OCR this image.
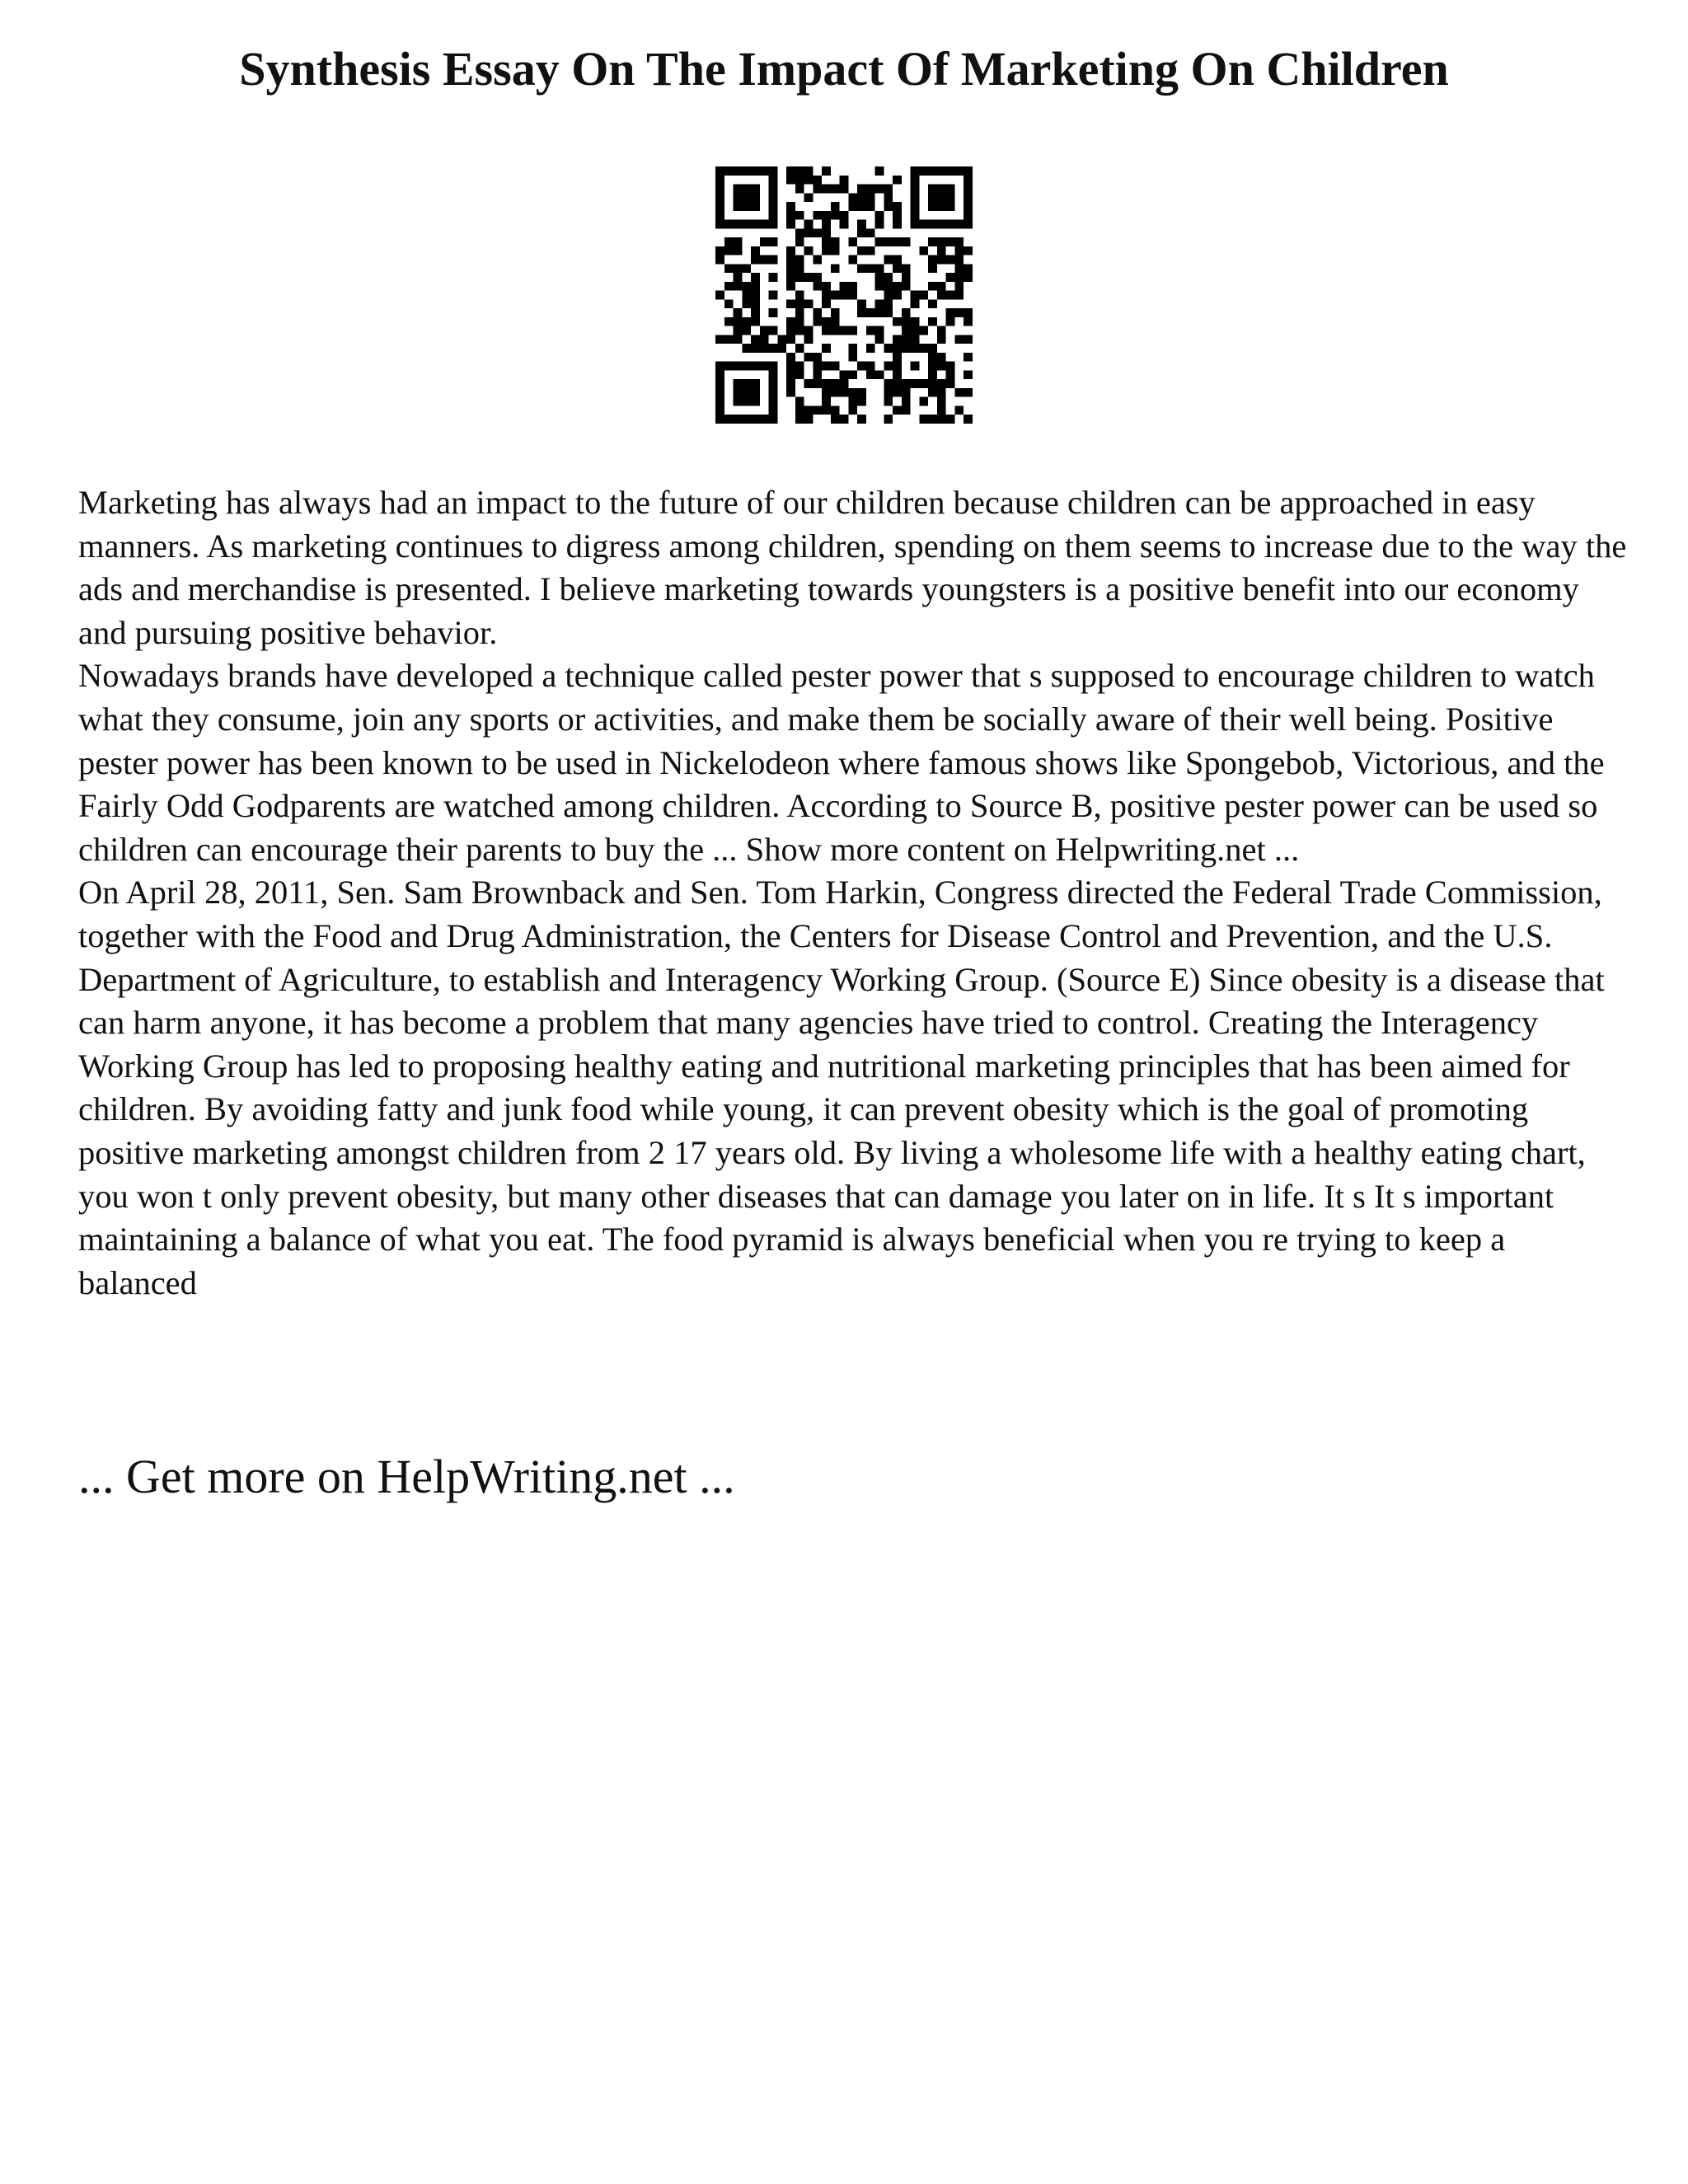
Synthesis Essay On The Impact Of Marketing On Children

Marketing has always had an impact to the future of our children because children can be approached in easy manners. As marketing continues to digress among children, spending on them seems to increase due to the way the ads and merchandise is presented. I believe marketing towards youngsters is a positive benefit into our economy and pursuing positive behavior.

Nowadays brands have developed a technique called pester power that s supposed to encourage children to watch what they consume, join any sports or activities, and make them be socially aware of their well being. Positive pester power has been known to be used in Nickelodeon where famous shows like Spongebob, Victorious, and the Fairly Odd Godparents are watched among children. According to Source B, positive pester power can be used so children can encourage their parents to buy the ... Show more content on Helpwriting.net ...

On April 28, 2011, Sen. Sam Brownback and Sen. Tom Harkin, Congress directed the Federal Trade Commission, together with the Food and Drug Administration, the Centers for Disease Control and Prevention, and the U.S. Department of Agriculture, to establish and Interagency Working Group. (Source E) Since obesity is a disease that can harm anyone, it has become a problem that many agencies have tried to control. Creating the Interagency Working Group has led to proposing healthy eating and nutritional marketing principles that has been aimed for children. By avoiding fatty and junk food while young, it can prevent obesity which is the goal of promoting positive marketing amongst children from 2 17 years old. By living a wholesome life with a healthy eating chart, you won t only prevent obesity, but many other diseases that can damage you later on in life. It s It s important maintaining a balance of what you eat. The food pyramid is always beneficial when you re trying to keep a balanced

... Get more on HelpWriting.net ...
